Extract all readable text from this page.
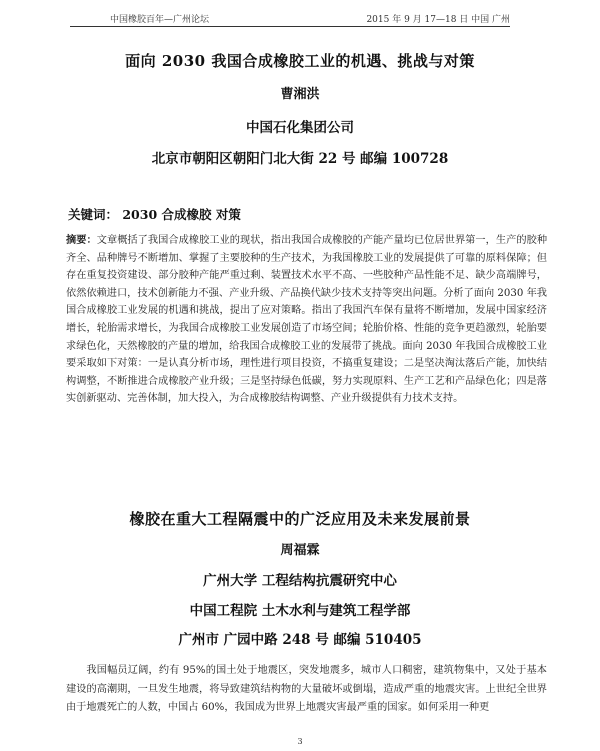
中国橡胶百年—广州论坛	2015 年 9 月 17—18 日 中国 广州
面向 2030 我国合成橡胶工业的机遇、挑战与对策
曹湘洪
中国石化集团公司
北京市朝阳区朝阳门北大街 22 号 邮编 100728
关键词： 2030 合成橡胶 对策
摘要：文章概括了我国合成橡胶工业的现状，指出我国合成橡胶的产能产量均已位居世界第一，生产的胶种齐全、品种牌号不断增加、掌握了主要胶种的生产技术，为我国橡胶工业的发展提供了可靠的原料保障；但存在重复投资建设、部分胶种产能严重过剩、装置技术水平不高、一些胶种产品性能不足、缺少高端牌号，依然依赖进口，技术创新能力不强、产业升级、产品换代缺少技术支持等突出问题。分析了面向 2030 年我国合成橡胶工业发展的机遇和挑战，提出了应对策略。指出了我国汽车保有量将不断增加，发展中国家经济增长，轮胎需求增长，为我国合成橡胶工业发展创造了市场空间；轮胎价格、性能的竞争更趋激烈，轮胎要求绿色化，天然橡胶的产量的增加，给我国合成橡胶工业的发展带了挑战。面向 2030 年我国合成橡胶工业要采取如下对策：一是认真分析市场，理性进行项目投资，不搞重复建设；二是坚决淘汰落后产能，加快结构调整，不断推进合成橡胶产业升级；三是坚持绿色低碳，努力实现原料、生产工艺和产品绿色化；四是落实创新驱动、完善体制，加大投入，为合成橡胶结构调整、产业升级提供有力技术支持。
橡胶在重大工程隔震中的广泛应用及未来发展前景
周福霖
广州大学 工程结构抗震研究中心
中国工程院 土木水利与建筑工程学部
广州市 广园中路 248 号 邮编 510405
我国幅员辽阔，约有 95%的国土处于地震区，突发地震多，城市人口稠密，建筑物集中，又处于基本建设的高潮期，一旦发生地震，将导致建筑结构物的大量破坏或倒塌，造成严重的地震灾害。上世纪全世界由于地震死亡的人数，中国占 60%，我国成为世界上地震灾害最严重的国家。如何采用一种更
3
